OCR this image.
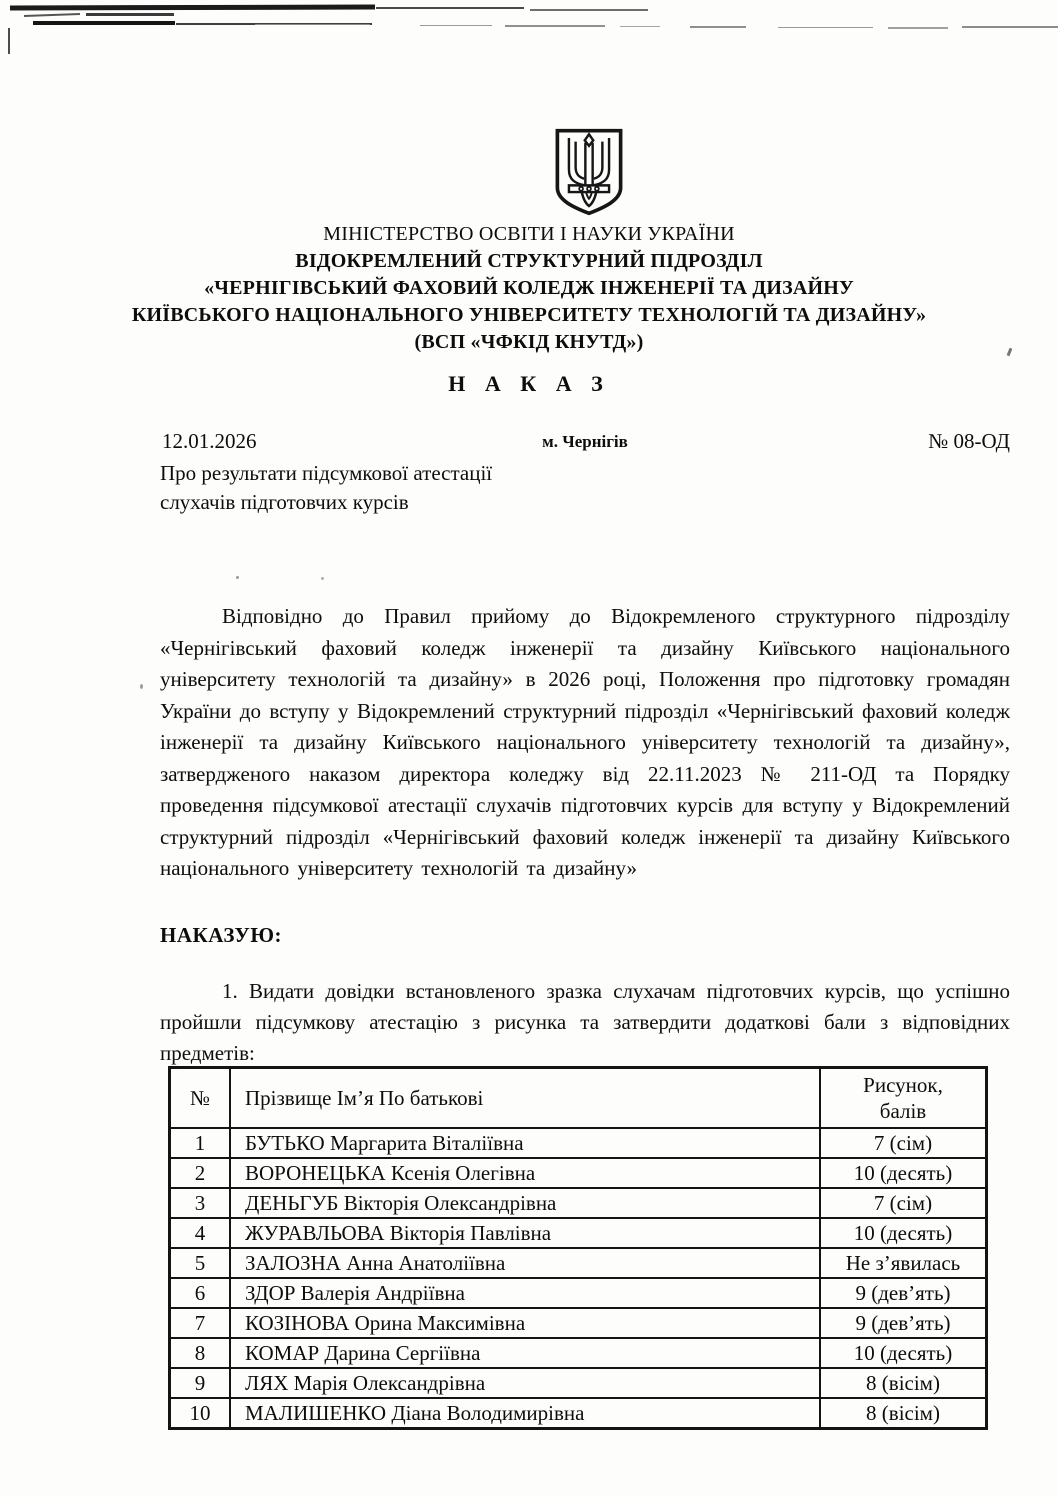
МІНІСТЕРСТВО ОСВІТИ І НАУКИ УКРАЇНИ
ВІДОКРЕМЛЕНИЙ СТРУКТУРНИЙ ПІДРОЗДІЛ
«ЧЕРНІГІВСЬКИЙ ФАХОВИЙ КОЛЕДЖ ІНЖЕНЕРІЇ ТА ДИЗАЙНУ
КИЇВСЬКОГО НАЦІОНАЛЬНОГО УНІВЕРСИТЕТУ ТЕХНОЛОГІЙ ТА ДИЗАЙНУ»
(ВСП «ЧФКІД КНУТД»)
Н А К А З
12.01.2026	м. Чернігів	№ 08-ОД
Про результати підсумкової атестації слухачів підготовчих курсів
Відповідно до Правил прийому до Відокремленого структурного підрозділу «Чернігівський фаховий коледж інженерії та дизайну Київського національного університету технологій та дизайну» в 2026 році, Положення про підготовку громадян України до вступу у Відокремлений структурний підрозділ «Чернігівський фаховий коледж інженерії та дизайну Київського національного університету технологій та дизайну», затвердженого наказом директора коледжу від 22.11.2023 № 211-ОД та Порядку проведення підсумкової атестації слухачів підготовчих курсів для вступу у Відокремлений структурний підрозділ «Чернігівський фаховий коледж інженерії та дизайну Київського національного університету технологій та дизайну»
НАКАЗУЮ:
1. Видати довідки встановленого зразка слухачам підготовчих курсів, що успішно пройшли підсумкову атестацію з рисунка та затвердити додаткові бали з відповідних предметів:
№	Прізвище Ім’я По батькові	Рисунок,
балів

1	БУТЬКО Маргарита Віталіївна	7 (сім)
2	ВОРОНЕЦЬКА Ксенія Олегівна	10 (десять)
3	ДЕНЬГУБ Вікторія Олександрівна	7 (сім)
4	ЖУРАВЛЬОВА Вікторія Павлівна	10 (десять)
5	ЗАЛОЗНА Анна Анатоліївна	Не з’явилась
6	ЗДОР Валерія Андріївна	9 (дев’ять)
7	КОЗІНОВА Орина Максимівна	9 (дев’ять)
8	КОМАР Дарина Сергіївна	10 (десять)
9	ЛЯХ Марія Олександрівна	8 (вісім)
10	МАЛИШЕНКО Діана Володимирівна	8 (вісім)
